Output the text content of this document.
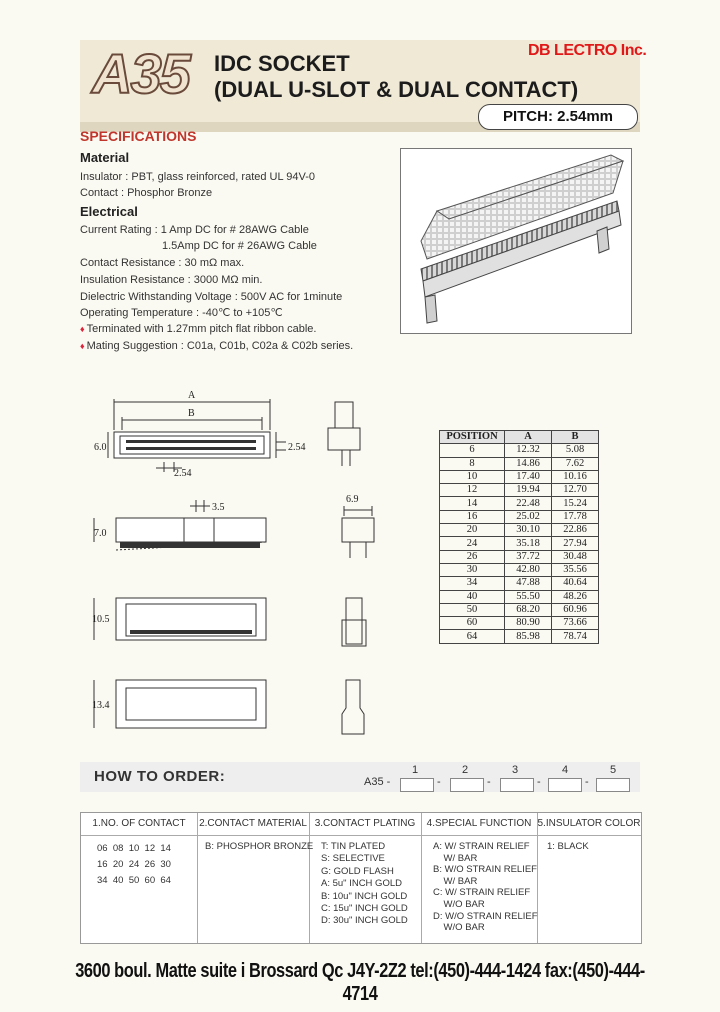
A35 IDC SOCKET
(DUAL U-SLOT & DUAL CONTACT)
DB LECTRO Inc.
PITCH: 2.54mm
SPECIFICATIONS
Material
Insulator : PBT, glass reinforced, rated UL 94V-0
Contact : Phosphor Bronze
Electrical
Current Rating : 1 Amp DC for # 28AWG Cable
1.5Amp DC for # 26AWG Cable
Contact Resistance : 30 mΩ max.
Insulation Resistance : 3000 MΩ min.
Dielectric Withstanding Voltage : 500V AC for 1minute
Operating Temperature : -40℃ to +105℃
♦ Terminated with 1.27mm pitch flat ribbon cable.
♦ Mating Suggestion : C01a, C01b, C02a & C02b series.
A
B
6.0	2.54
2.54
3.5
6.9
7.0
10.5
13.4
POSITION	A	B
6	12.32	5.08
8	14.86	7.62
10	17.40	10.16
12	19.94	12.70
14	22.48	15.24
16	25.02	17.78
20	30.10	22.86
24	35.18	27.94
26	37.72	30.48
30	42.80	35.56
34	47.88	40.64
40	55.50	48.26
50	68.20	60.96
60	80.90	73.66
64	85.98	78.74
HOW TO ORDER:	A35 -
1
-
2
-
3
-
4
-
5
1.NO. OF CONTACT
06  08  10  12  14
16  20  24  26  30
34  40  50  60  64
2.CONTACT MATERIAL
B: PHOSPHOR BRONZE
3.CONTACT PLATING
T: TIN PLATED
S: SELECTIVE
G: GOLD FLASH
A: 5u" INCH GOLD
B: 10u" INCH GOLD
C: 15u" INCH GOLD
D: 30u" INCH GOLD
4.SPECIAL FUNCTION
A: W/ STRAIN RELIEF
W/ BAR
B: W/O STRAIN RELIEF
W/ BAR
C: W/ STRAIN RELIEF
W/O BAR
D: W/O STRAIN RELIEF
W/O BAR
5.INSULATOR COLOR
1: BLACK
3600 boul. Matte suite i Brossard Qc J4Y-2Z2 tel:(450)-444-1424 fax:(450)-444-4714
